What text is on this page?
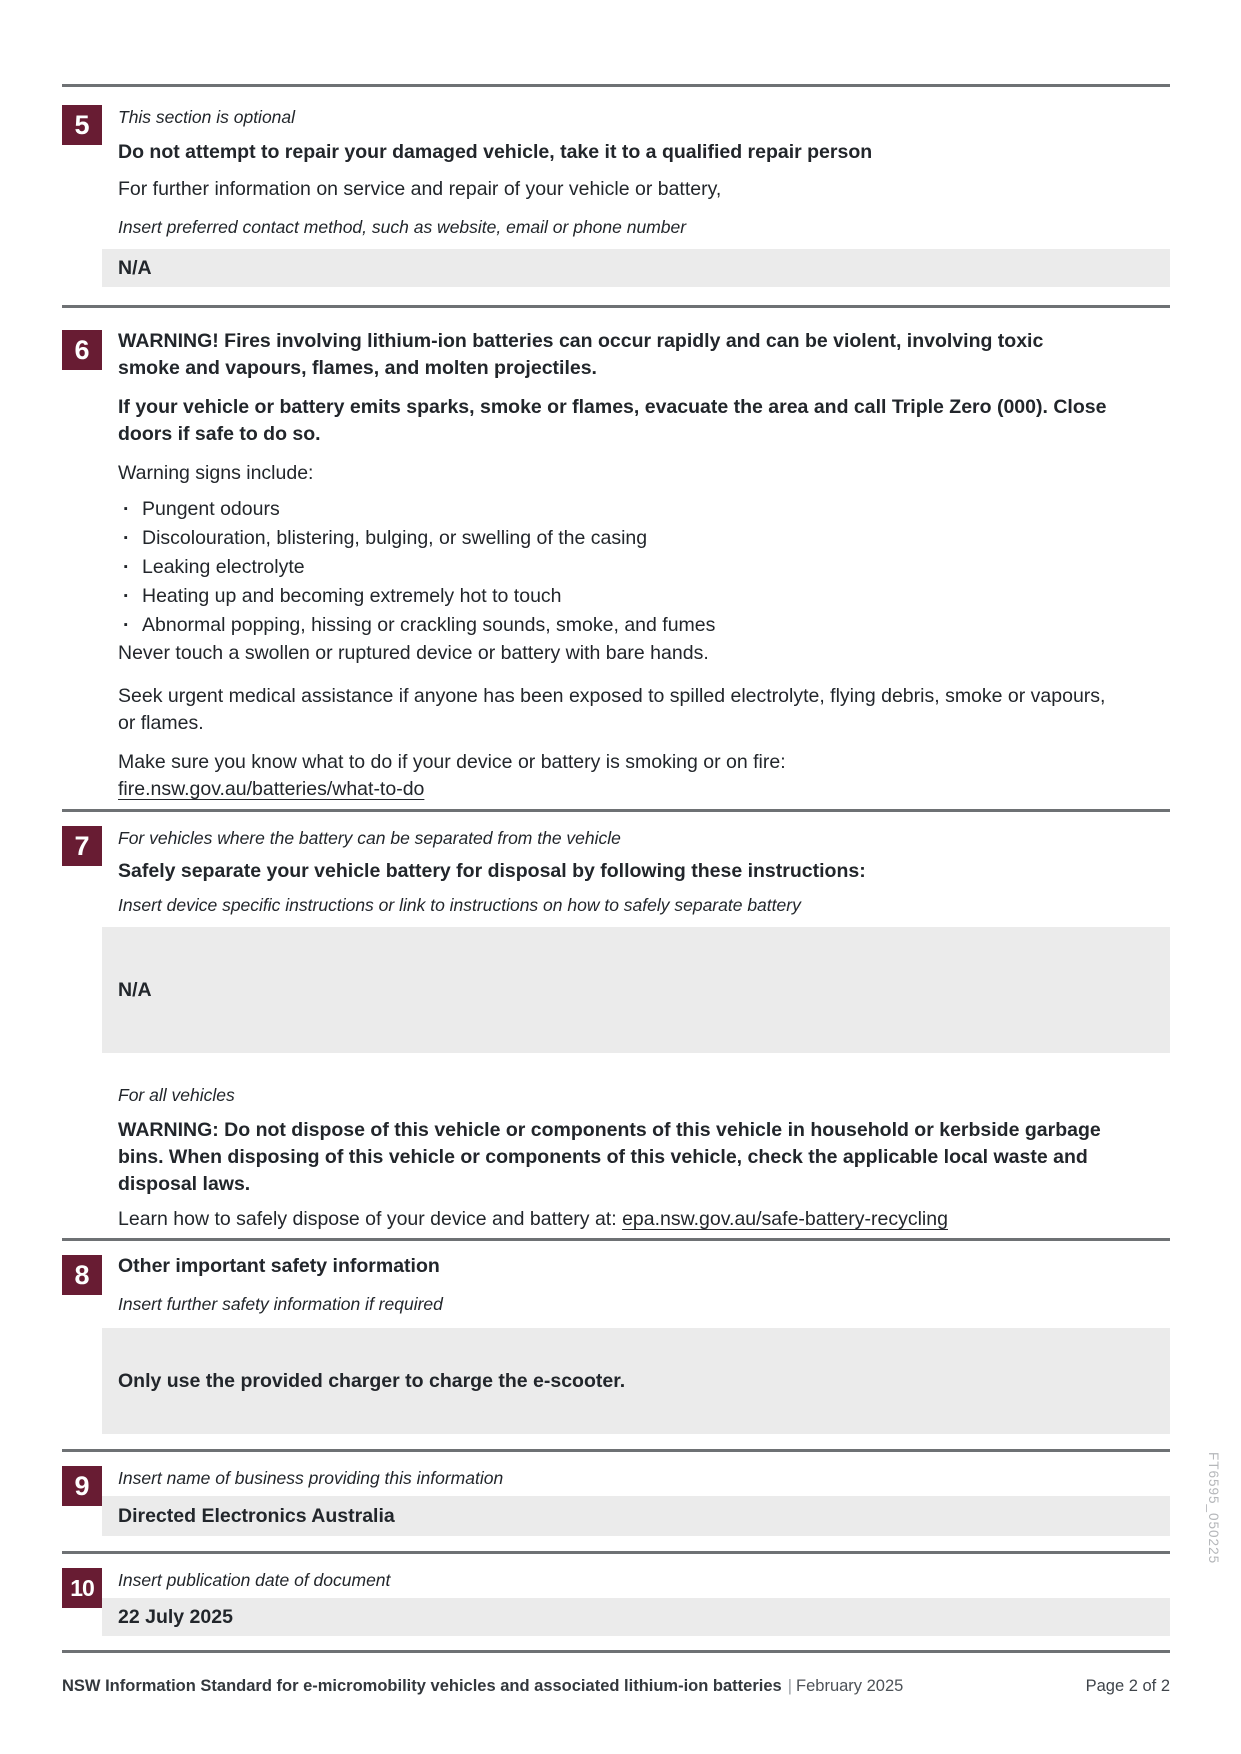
5	This section is optional

Do not attempt to repair your damaged vehicle, take it to a qualified repair person

For further information on service and repair of your vehicle or battery,

Insert preferred contact method, such as website, email or phone number

N/A
6	WARNING! Fires involving lithium-ion batteries can occur rapidly and can be violent, involving toxic smoke and vapours, flames, and molten projectiles.

If your vehicle or battery emits sparks, smoke or flames, evacuate the area and call Triple Zero (000). Close doors if safe to do so.

Warning signs include:

· Pungent odours
· Discolouration, blistering, bulging, or swelling of the casing
· Leaking electrolyte
· Heating up and becoming extremely hot to touch
· Abnormal popping, hissing or crackling sounds, smoke, and fumes

Never touch a swollen or ruptured device or battery with bare hands.

Seek urgent medical assistance if anyone has been exposed to spilled electrolyte, flying debris, smoke or vapours, or flames.

Make sure you know what to do if your device or battery is smoking or on fire:
fire.nsw.gov.au/batteries/what-to-do

7	For vehicles where the battery can be separated from the vehicle

Safely separate your vehicle battery for disposal by following these instructions:

Insert device specific instructions or link to instructions on how to safely separate battery

N/A

For all vehicles

WARNING: Do not dispose of this vehicle or components of this vehicle in household or kerbside garbage bins. When disposing of this vehicle or components of this vehicle, check the applicable local waste and disposal laws.

Learn how to safely dispose of your device and battery at: epa.nsw.gov.au/safe-battery-recycling

8	Other important safety information

Insert further safety information if required

Only use the provided charger to charge the e-scooter.
9	Insert name of business providing this information

Directed Electronics Australia
10	Insert publication date of document

22 July 2025
NSW Information Standard for e-micromobility vehicles and associated lithium-ion batteries | February 2025	Page 2 of 2
FT6595_050225
